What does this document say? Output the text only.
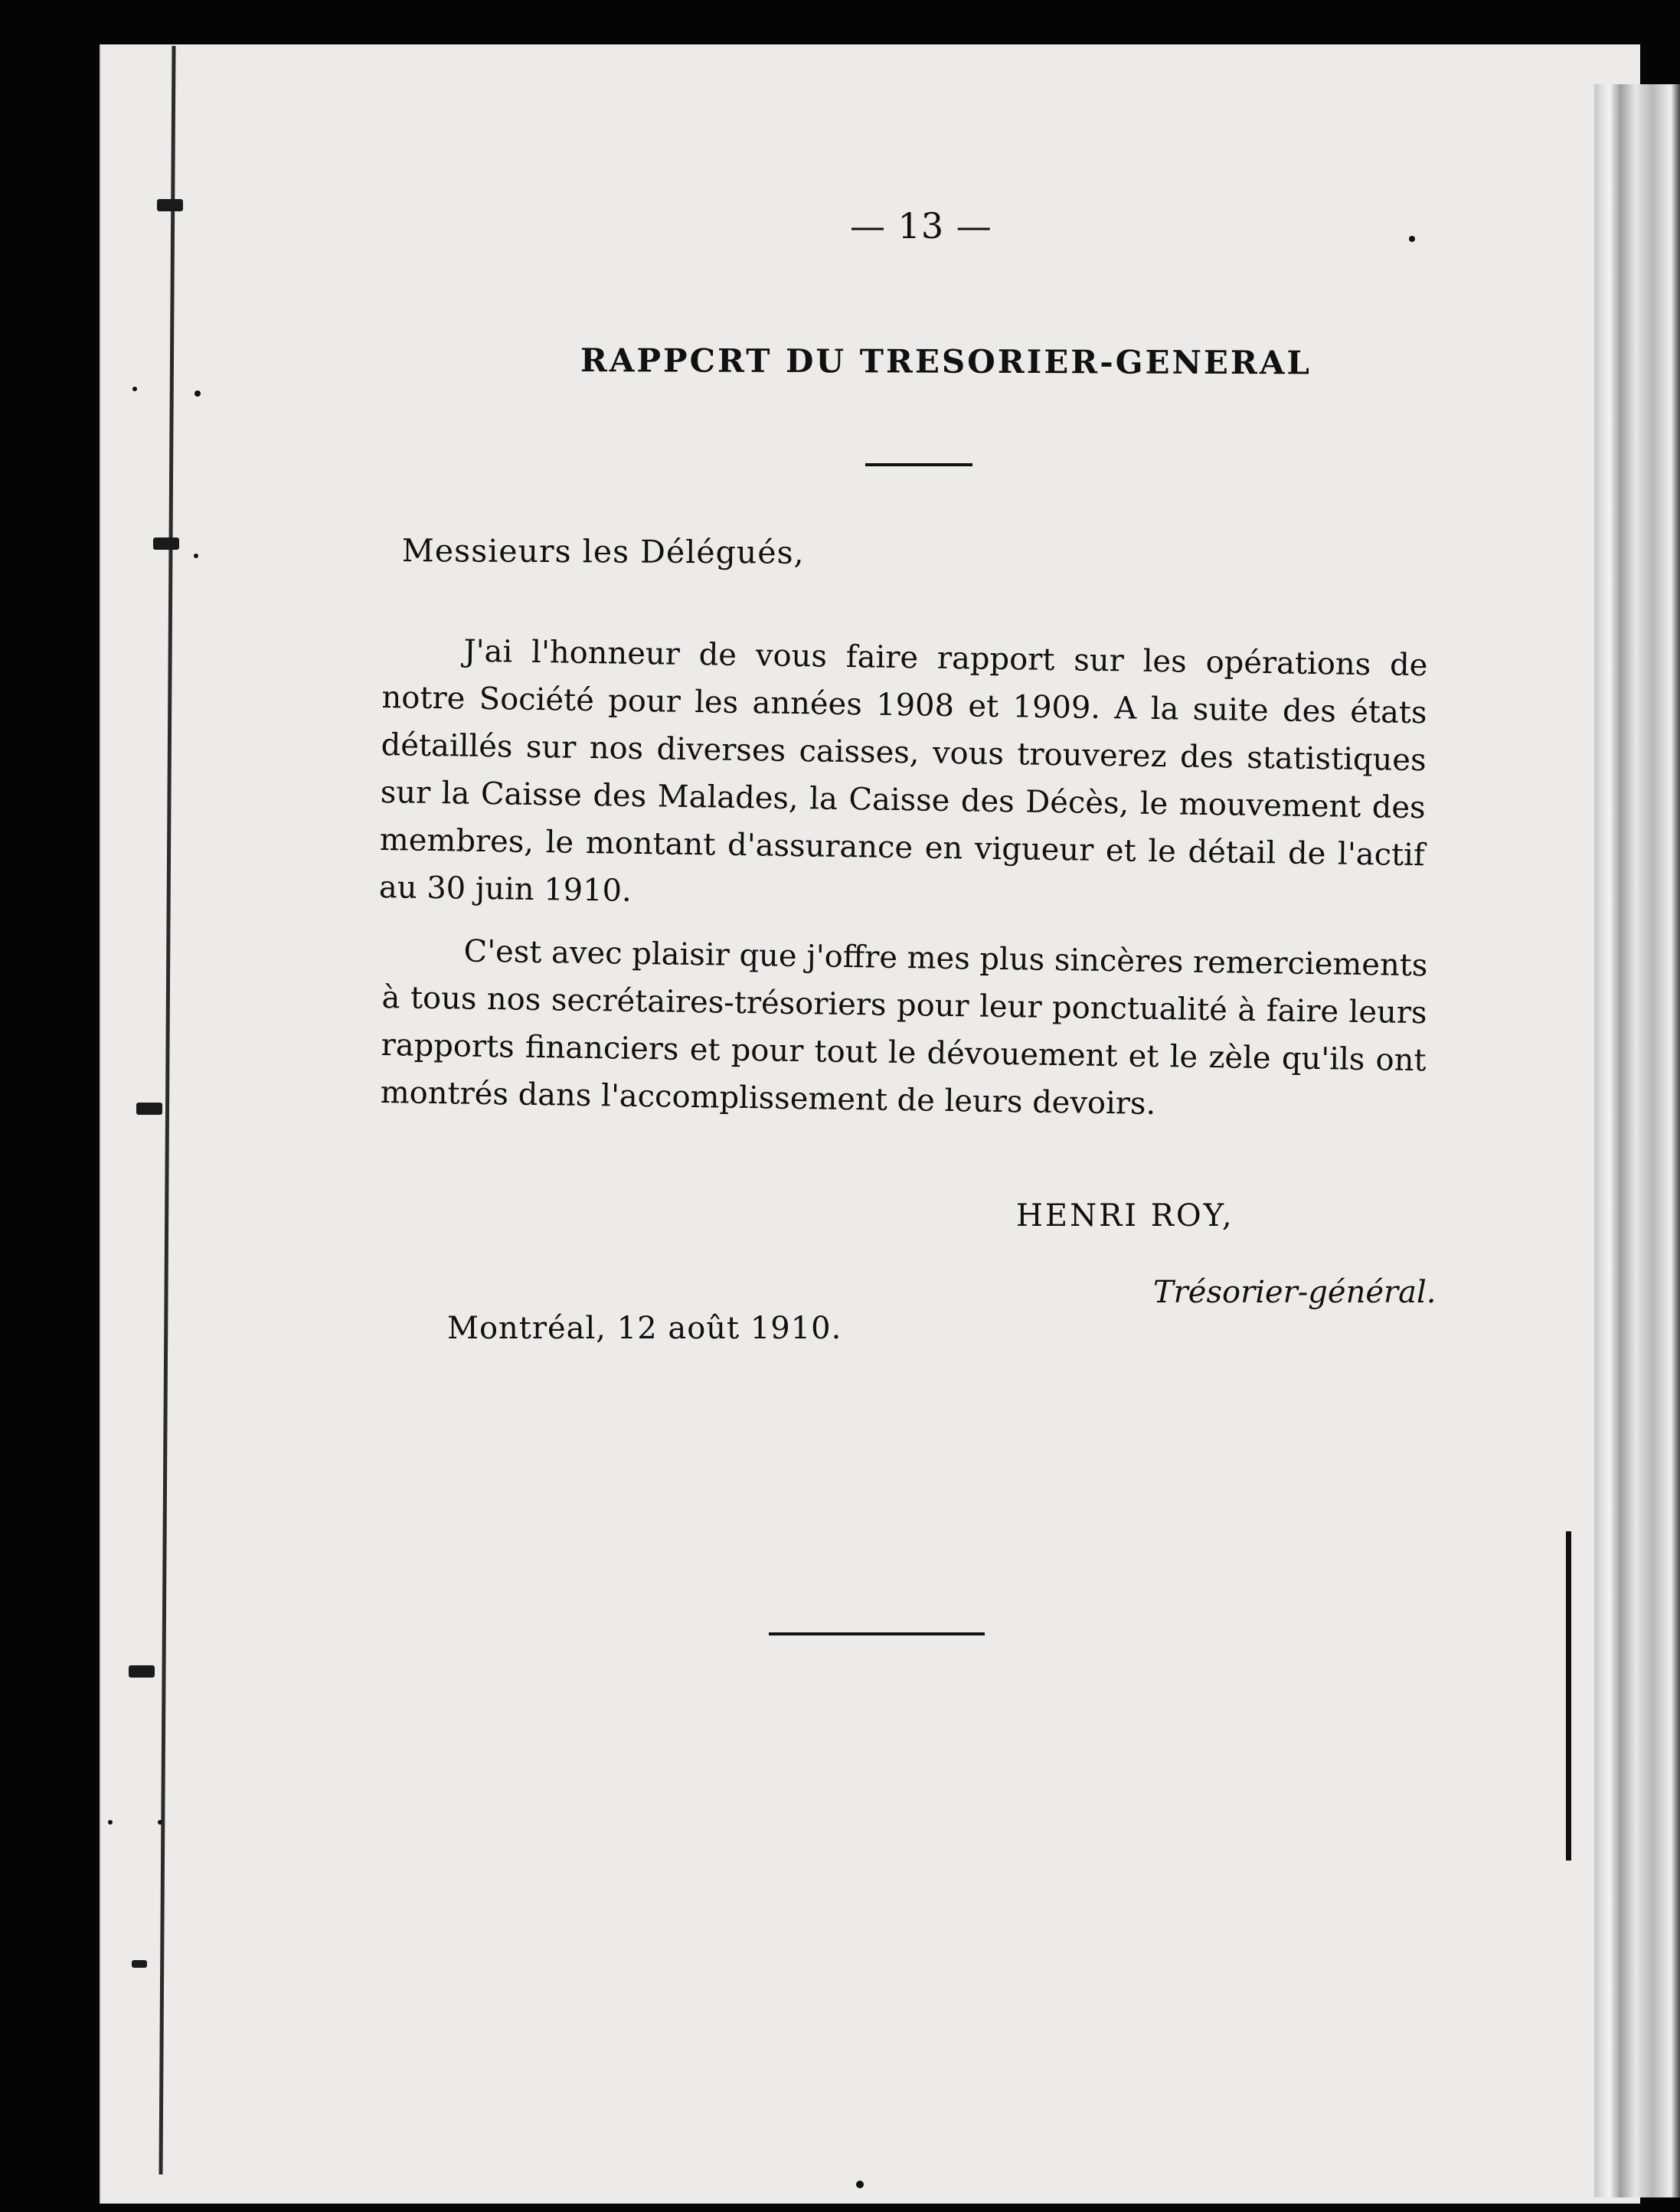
— 13 —
RAPPCRT DU TRESORIER-GENERAL
Messieurs les Délégués,

J'ai l'honneur de vous faire rapport sur les opérations de notre Société pour les années 1908 et 1909. A la suite des états détaillés sur nos diverses caisses, vous trouverez des statistiques sur la Caisse des Malades, la Caisse des Décès, le mouvement des membres, le montant d'assurance en vigueur et le détail de l'actif au 30 juin 1910.

C'est avec plaisir que j'offre mes plus sincères remerciements à tous nos secrétaires-trésoriers pour leur ponctualité à faire leurs rapports financiers et pour tout le dévouement et le zèle qu'ils ont montrés dans l'accomplissement de leurs devoirs.

HENRI ROY,
Trésorier-général.
Montréal, 12 août 1910.
